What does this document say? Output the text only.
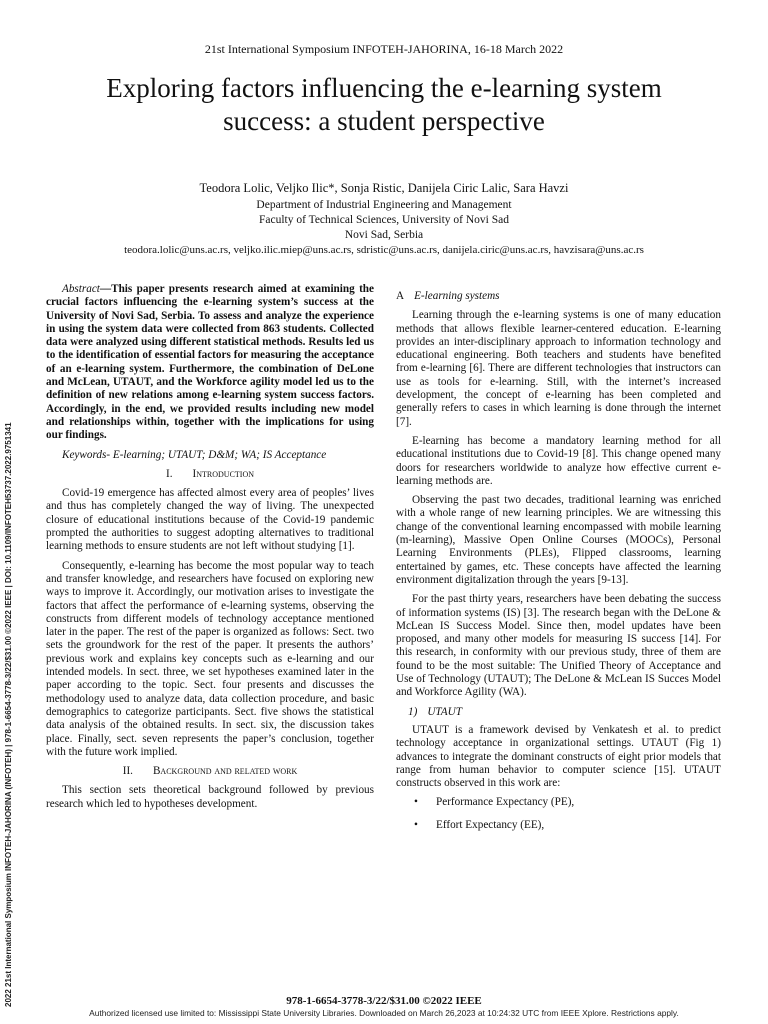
21st International Symposium INFOTEH-JAHORINA, 16-18 March 2022
Exploring factors influencing the e-learning system
success: a student perspective
Teodora Lolic, Veljko Ilic*, Sonja Ristic, Danijela Ciric Lalic, Sara Havzi
Department of Industrial Engineering and Management
Faculty of Technical Sciences, University of Novi Sad
Novi Sad, Serbia
teodora.lolic@uns.ac.rs, veljko.ilic.miep@uns.ac.rs, sdristic@uns.ac.rs, danijela.ciric@uns.ac.rs, havzisara@uns.ac.rs
2022 21st International Symposium INFOTEH-JAHORINA (INFOTEH) | 978-1-6654-3778-3/22/$31.00 ©2022 IEEE | DOI: 10.1109/INFOTEH53737.2022.9751341

Abstract—This paper presents research aimed at examining the crucial factors influencing the e-learning system’s success at the University of Novi Sad, Serbia. To assess and analyze the experience in using the system data were collected from 863 students. Collected data were analyzed using different statistical methods. Results led us to the identification of essential factors for measuring the acceptance of an e-learning system. Furthermore, the combination of DeLone and McLean, UTAUT, and the Workforce agility model led us to the definition of new relations among e-learning system success factors. Accordingly, in the end, we provided results including new model and relationships within, together with the implications for using our findings.

Keywords- E-learning; UTAUT; D&M; WA; IS Acceptance

I. Introduction

Covid-19 emergence has affected almost every area of peoples’ lives and thus has completely changed the way of living. The unexpected closure of educational institutions because of the Covid-19 pandemic prompted the authorities to suggest adopting alternatives to traditional learning methods to ensure students are not left without studying [1].

Consequently, e-learning has become the most popular way to teach and transfer knowledge, and researchers have focused on exploring new ways to improve it. Accordingly, our motivation arises to investigate the factors that affect the performance of e-learning systems, observing the constructs from different models of technology acceptance mentioned later in the paper. The rest of the paper is organized as follows: Sect. two sets the groundwork for the rest of the paper. It presents the authors’ previous work and explains key concepts such as e-learning and our intended models. In sect. three, we set hypotheses examined later in the paper according to the topic. Sect. four presents and discusses the methodology used to analyze data, data collection procedure, and basic demographics to categorize participants. Sect. five shows the statistical data analysis of the obtained results. In sect. six, the discussion takes place. Finally, sect. seven represents the paper’s conclusion, together with the future work implied.

II. Background and related work

This section sets theoretical background followed by previous research which led to hypotheses development.

A E-learning systems

Learning through the e-learning systems is one of many education methods that allows flexible learner-centered education. E-learning provides an inter-disciplinary approach to information technology and educational engineering. Both teachers and students have benefited from e-learning [6]. There are different technologies that instructors can use as tools for e-learning. Still, with the internet’s increased development, the concept of e-learning has been completed and generally refers to cases in which learning is done through the internet [7].

E-learning has become a mandatory learning method for all educational institutions due to Covid-19 [8]. This change opened many doors for researchers worldwide to analyze how effective current e-learning methods are.

Observing the past two decades, traditional learning was enriched with a whole range of new learning principles. We are witnessing this change of the conventional learning encompassed with mobile learning (m-learning), Massive Open Online Courses (MOOCs), Personal Learning Environments (PLEs), Flipped classrooms, learning entertained by games, etc. These concepts have affected the learning environment digitalization through the years [9-13].

For the past thirty years, researchers have been debating the success of information systems (IS) [3]. The research began with the DeLone & McLean IS Success Model. Since then, model updates have been proposed, and many other models for measuring IS success [14]. For this research, in conformity with our previous study, three of them are found to be the most suitable: The Unified Theory of Acceptance and Use of Technology (UTAUT); The DeLone & McLean IS Succes Model and Workforce Agility (WA).

1) UTAUT

UTAUT is a framework devised by Venkatesh et al. to predict technology acceptance in organizational settings. UTAUT (Fig 1) advances to integrate the dominant constructs of eight prior models that range from human behavior to computer science [15]. UTAUT constructs observed in this work are:

• Performance Expectancy (PE),
• Effort Expectancy (EE),
978-1-6654-3778-3/22/$31.00 ©2022 IEEE
Authorized licensed use limited to: Mississippi State University Libraries. Downloaded on March 26,2023 at 10:24:32 UTC from IEEE Xplore. Restrictions apply.
